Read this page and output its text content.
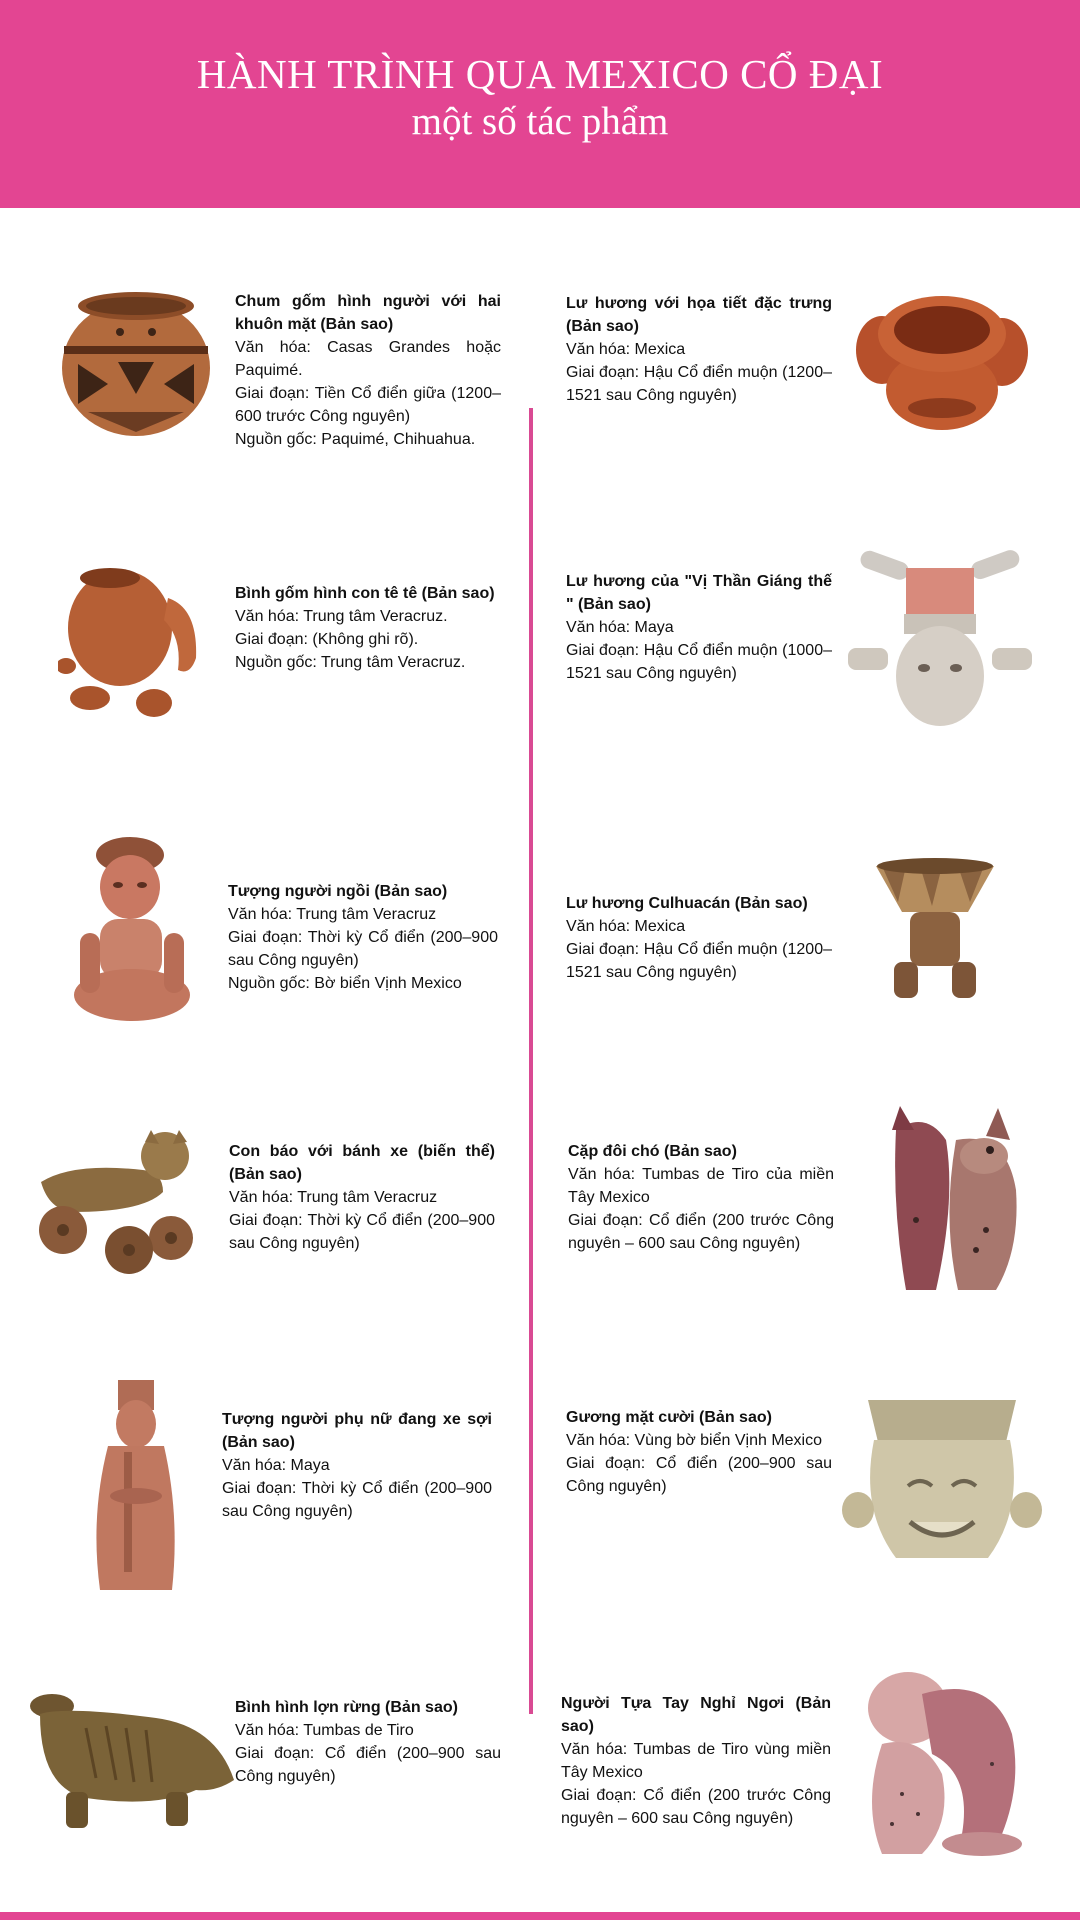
HÀNH TRÌNH QUA MEXICO CỔ ĐẠI
một số tác phẩm
Chum gốm hình người với hai khuôn mặt (Bản sao)
Văn hóa: Casas Grandes hoặc Paquimé.
Giai đoạn: Tiền Cổ điển giữa (1200–600 trước Công nguyên)
Nguồn gốc: Paquimé, Chihuahua.
Bình gốm hình con tê tê (Bản sao)
Văn hóa: Trung tâm Veracruz.
Giai đoạn: (Không ghi rõ).
Nguồn gốc: Trung tâm Veracruz.
Tượng người ngồi (Bản sao)
Văn hóa: Trung tâm Veracruz
Giai đoạn: Thời kỳ Cổ điển (200–900 sau Công nguyên)
Nguồn gốc: Bờ biển Vịnh Mexico
Con báo với bánh xe (biến thể) (Bản sao)
Văn hóa: Trung tâm Veracruz
Giai đoạn: Thời kỳ Cổ điển (200–900 sau Công nguyên)
Tượng người phụ nữ đang xe sợi (Bản sao)
Văn hóa: Maya
Giai đoạn: Thời kỳ Cổ điển (200–900 sau Công nguyên)
Bình hình lợn rừng (Bản sao)
Văn hóa: Tumbas de Tiro
Giai đoạn: Cổ điển (200–900 sau Công nguyên)
Lư hương với họa tiết đặc trưng (Bản sao)
Văn hóa: Mexica
Giai đoạn: Hậu Cổ điển muộn (1200–1521 sau Công nguyên)
Lư hương của "Vị Thần Giáng thế " (Bản sao)
Văn hóa: Maya
Giai đoạn: Hậu Cổ điển muộn (1000–1521 sau Công nguyên)
Lư hương Culhuacán (Bản sao)
Văn hóa: Mexica
Giai đoạn: Hậu Cổ điển muộn (1200–1521 sau Công nguyên)
Cặp đôi chó (Bản sao)
Văn hóa: Tumbas de Tiro của miền Tây Mexico
Giai đoạn: Cổ điển (200 trước Công nguyên – 600 sau Công nguyên)
Gương mặt cười (Bản sao)
Văn hóa: Vùng bờ biển Vịnh Mexico
Giai đoạn: Cổ điển (200–900 sau Công nguyên)
Người Tựa Tay Nghỉ Ngơi (Bản sao)
Văn hóa: Tumbas de Tiro vùng miền Tây Mexico
Giai đoạn: Cổ điển (200 trước Công nguyên – 600 sau Công nguyên)
